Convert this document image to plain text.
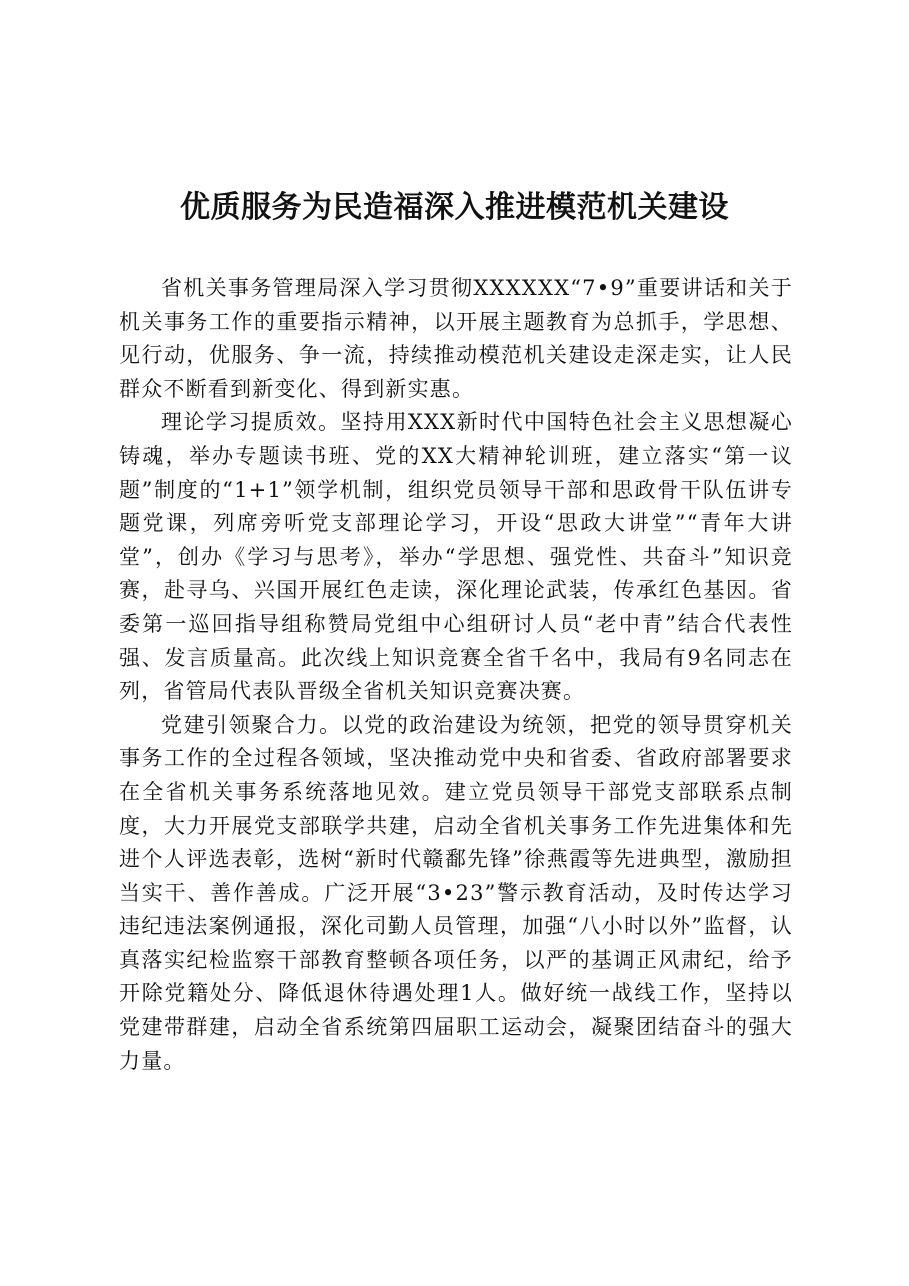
优质服务为民造福深入推进模范机关建设

省机关事务管理局深入学习贯彻XXXXXX“7•9”重要讲话和关于机关事务工作的重要指示精神，以开展主题教育为总抓手，学思想、见行动，优服务、争一流，持续推动模范机关建设走深走实，让人民群众不断看到新变化、得到新实惠。

理论学习提质效。坚持用XXX新时代中国特色社会主义思想凝心铸魂，举办专题读书班、党的XX大精神轮训班，建立落实“第一议题”制度的“1+1”领学机制，组织党员领导干部和思政骨干队伍讲专题党课，列席旁听党支部理论学习，开设“思政大讲堂”“青年大讲堂”，创办《学习与思考》，举办“学思想、强党性、共奋斗”知识竞赛，赴寻乌、兴国开展红色走读，深化理论武装，传承红色基因。省委第一巡回指导组称赞局党组中心组研讨人员“老中青”结合代表性强、发言质量高。此次线上知识竞赛全省千名中，我局有9名同志在列，省管局代表队晋级全省机关知识竞赛决赛。

党建引领聚合力。以党的政治建设为统领，把党的领导贯穿机关事务工作的全过程各领域，坚决推动党中央和省委、省政府部署要求在全省机关事务系统落地见效。建立党员领导干部党支部联系点制度，大力开展党支部联学共建，启动全省机关事务工作先进集体和先进个人评选表彰，选树“新时代赣鄱先锋”徐燕霞等先进典型，激励担当实干、善作善成。广泛开展“3•23”警示教育活动，及时传达学习违纪违法案例通报，深化司勤人员管理，加强“八小时以外”监督，认真落实纪检监察干部教育整顿各项任务，以严的基调正风肃纪，给予开除党籍处分、降低退休待遇处理1人。做好统一战线工作，坚持以党建带群建，启动全省系统第四届职工运动会，凝聚团结奋斗的强大力量。
